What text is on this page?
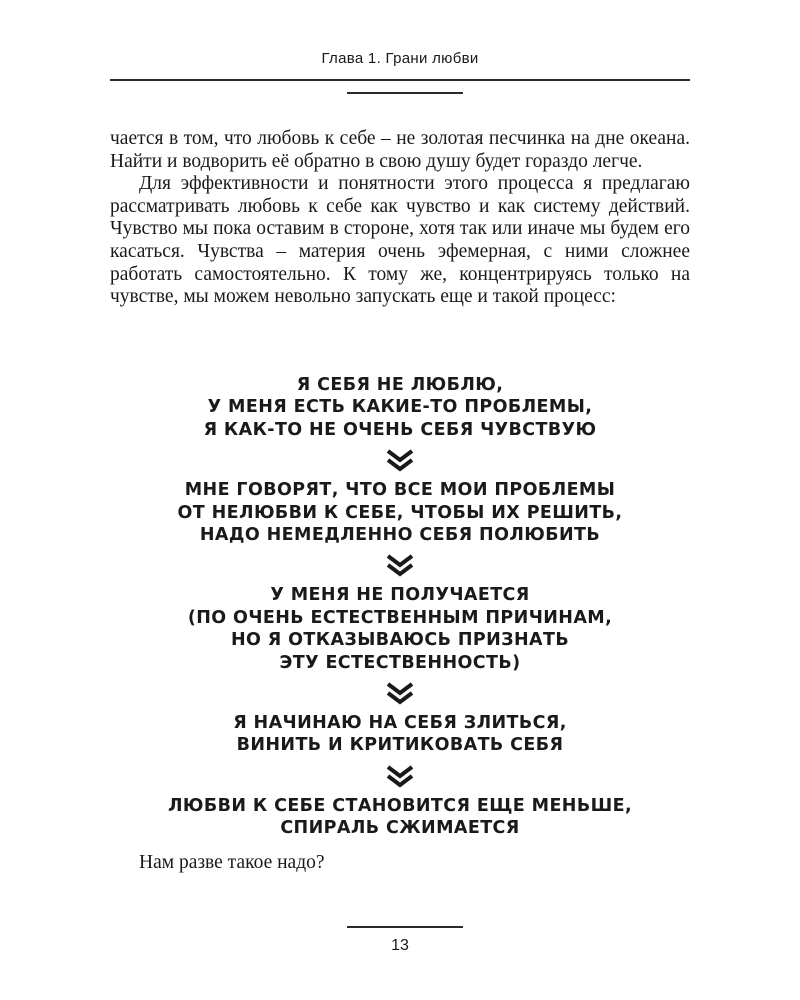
Глава 1. Грани любви

чается в том, что любовь к себе – не золотая песчинка на дне океана. Найти и водворить её обратно в свою душу будет гораздо легче.

Для эффективности и понятности этого процесса я предлагаю рассматривать любовь к себе как чувство и как систему действий. Чувство мы пока оставим в стороне, хотя так или иначе мы будем его касаться. Чувства – материя очень эфемерная, с ними сложнее работать самостоятельно. К тому же, концентрируясь только на чувстве, мы можем невольно запускать еще и такой процесс:

Я СЕБЯ НЕ ЛЮБЛЮ,
У МЕНЯ ЕСТЬ КАКИЕ-ТО ПРОБЛЕМЫ,
Я КАК-ТО НЕ ОЧЕНЬ СЕБЯ ЧУВСТВУЮ
МНЕ ГОВОРЯТ, ЧТО ВСЕ МОИ ПРОБЛЕМЫ
ОТ НЕЛЮБВИ К СЕБЕ, ЧТОБЫ ИХ РЕШИТЬ,
НАДО НЕМЕДЛЕННО СЕБЯ ПОЛЮБИТЬ
У МЕНЯ НЕ ПОЛУЧАЕТСЯ
(ПО ОЧЕНЬ ЕСТЕСТВЕННЫМ ПРИЧИНАМ,
НО Я ОТКАЗЫВАЮСЬ ПРИЗНАТЬ
ЭТУ ЕСТЕСТВЕННОСТЬ)
Я НАЧИНАЮ НА СЕБЯ ЗЛИТЬСЯ,
ВИНИТЬ И КРИТИКОВАТЬ СЕБЯ
ЛЮБВИ К СЕБЕ СТАНОВИТСЯ ЕЩЕ МЕНЬШЕ,
СПИРАЛЬ СЖИМАЕТСЯ
Нам разве такое надо?
13
